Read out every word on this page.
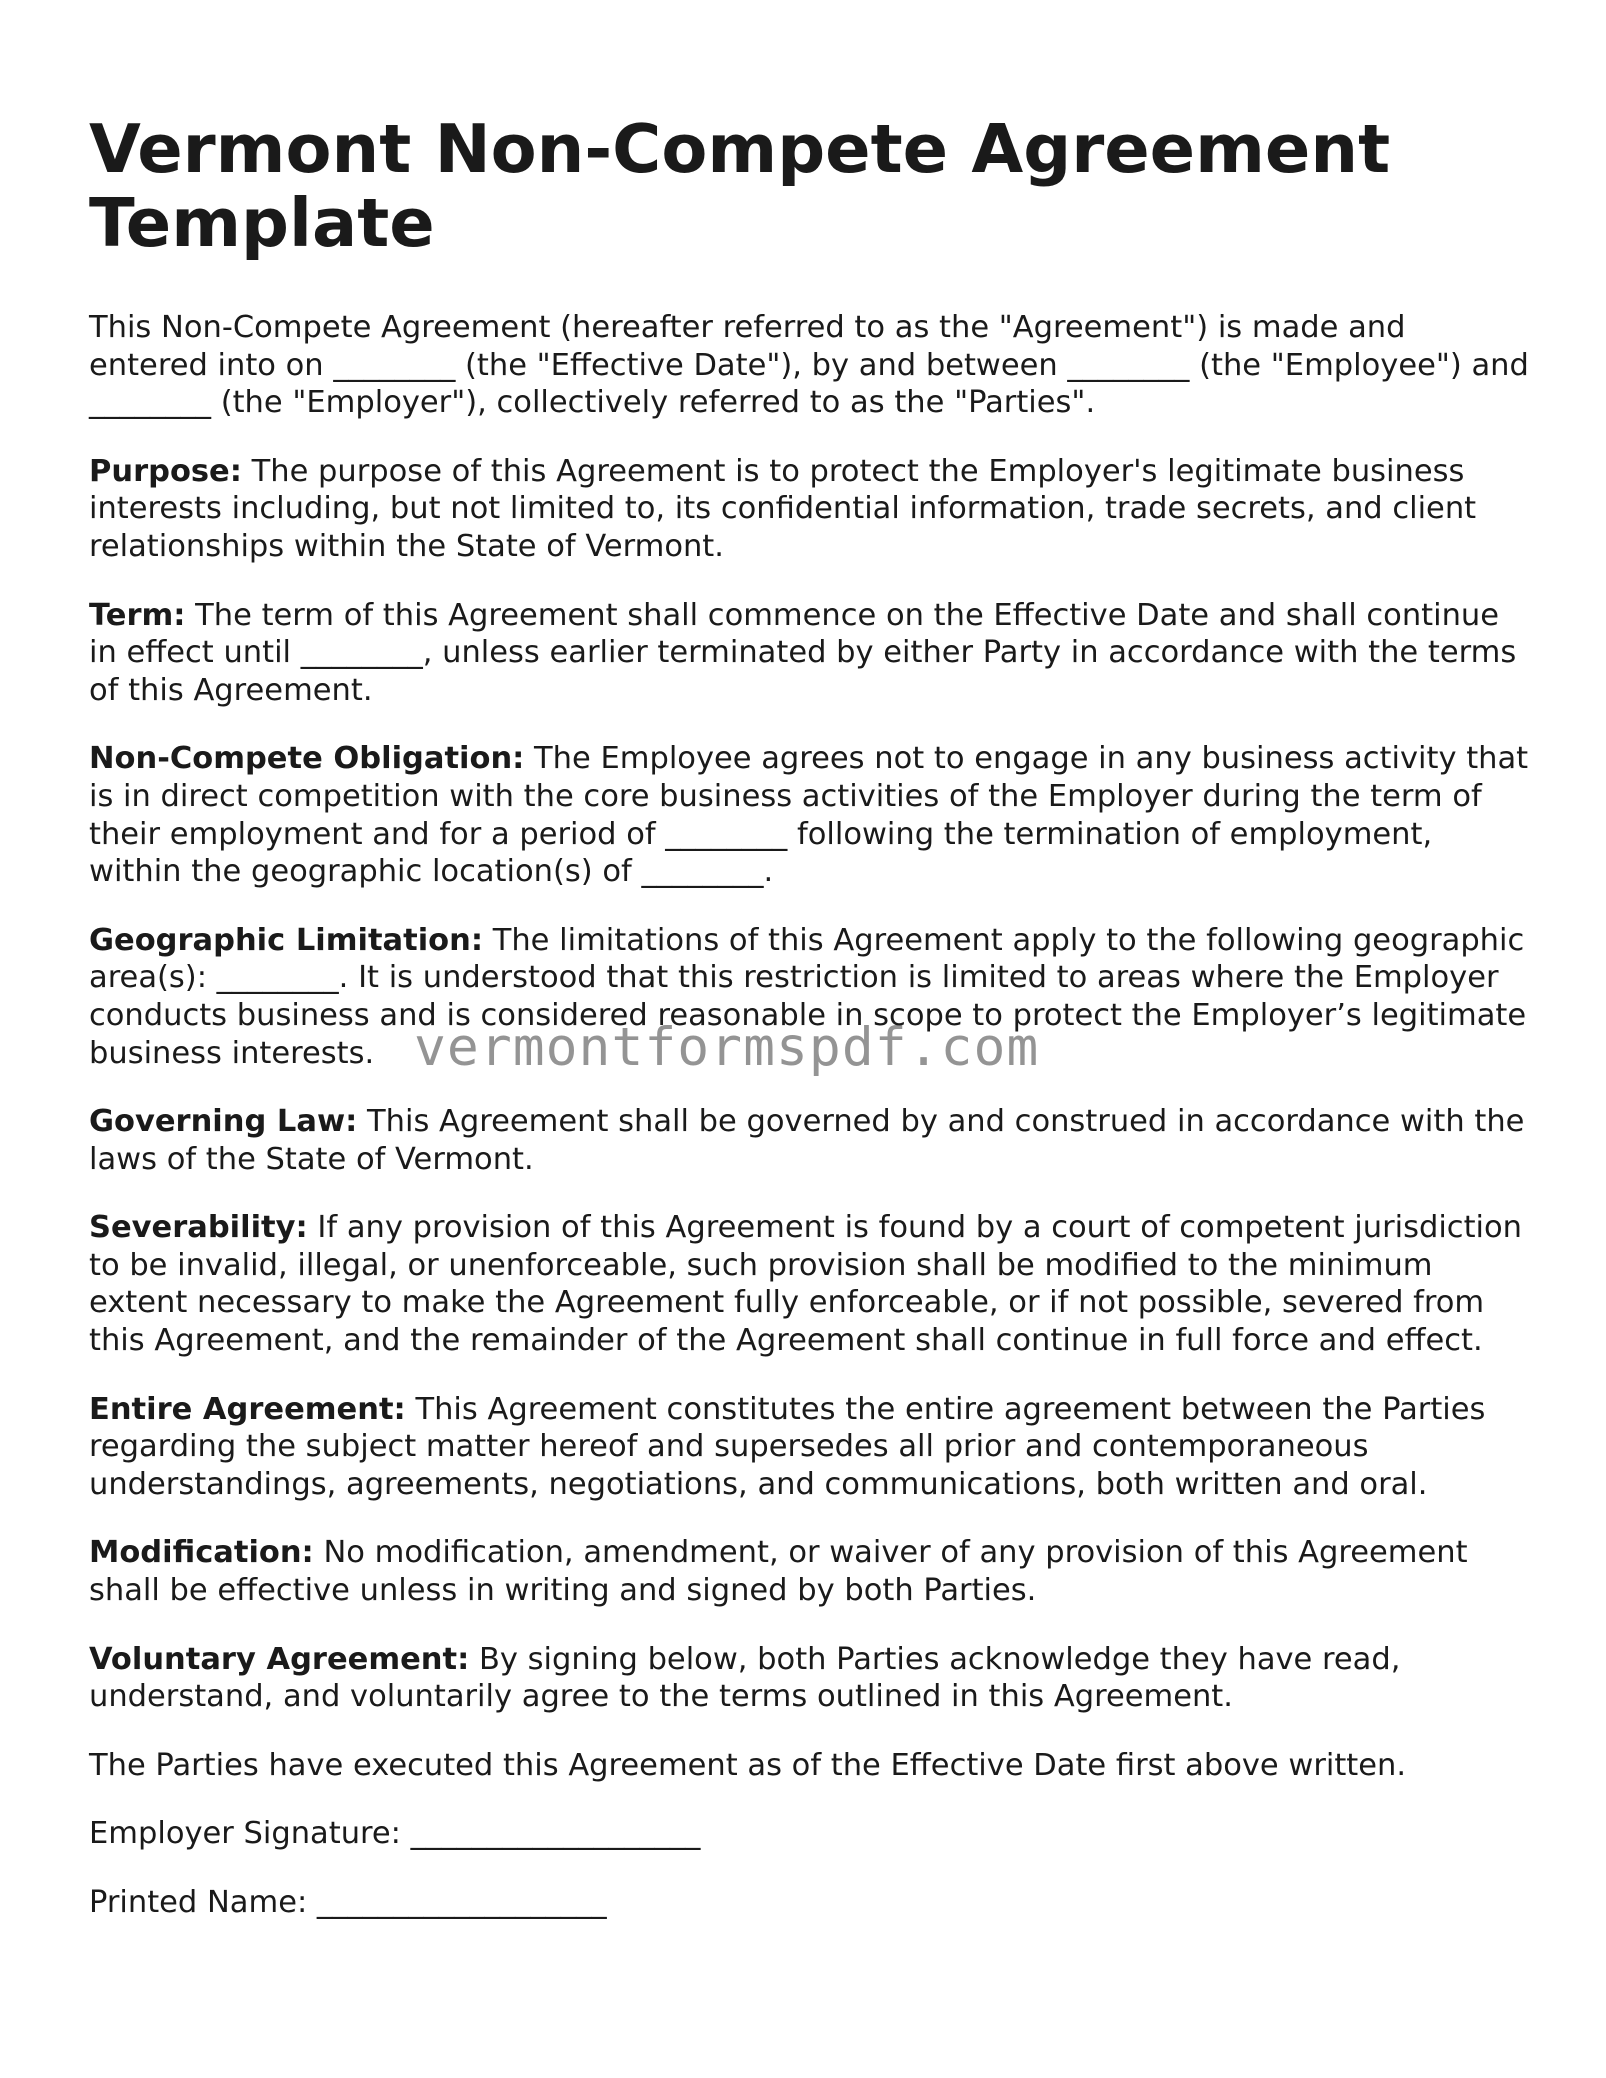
Vermont Non-Compete Agreement Template

This Non-Compete Agreement (hereafter referred to as the "Agreement") is made and entered into on ________ (the "Effective Date"), by and between ________ (the "Employee") and ________ (the "Employer"), collectively referred to as the "Parties".

Purpose: The purpose of this Agreement is to protect the Employer's legitimate business interests including, but not limited to, its confidential information, trade secrets, and client relationships within the State of Vermont.

Term: The term of this Agreement shall commence on the Effective Date and shall continue in effect until ________, unless earlier terminated by either Party in accordance with the terms of this Agreement.

Non-Compete Obligation: The Employee agrees not to engage in any business activity that is in direct competition with the core business activities of the Employer during the term of their employment and for a period of ________ following the termination of employment, within the geographic location(s) of ________.

Geographic Limitation: The limitations of this Agreement apply to the following geographic area(s): ________. It is understood that this restriction is limited to areas where the Employer conducts business and is considered reasonable in scope to protect the Employer’s legitimate business interests.

Governing Law: This Agreement shall be governed by and construed in accordance with the laws of the State of Vermont.

Severability: If any provision of this Agreement is found by a court of competent jurisdiction to be invalid, illegal, or unenforceable, such provision shall be modified to the minimum extent necessary to make the Agreement fully enforceable, or if not possible, severed from this Agreement, and the remainder of the Agreement shall continue in full force and effect.

Entire Agreement: This Agreement constitutes the entire agreement between the Parties regarding the subject matter hereof and supersedes all prior and contemporaneous understandings, agreements, negotiations, and communications, both written and oral.

Modification: No modification, amendment, or waiver of any provision of this Agreement shall be effective unless in writing and signed by both Parties.

Voluntary Agreement: By signing below, both Parties acknowledge they have read, understand, and voluntarily agree to the terms outlined in this Agreement.

The Parties have executed this Agreement as of the Effective Date first above written.

Employer Signature: ___________________

Printed Name: ___________________

vermontformspdf.com
